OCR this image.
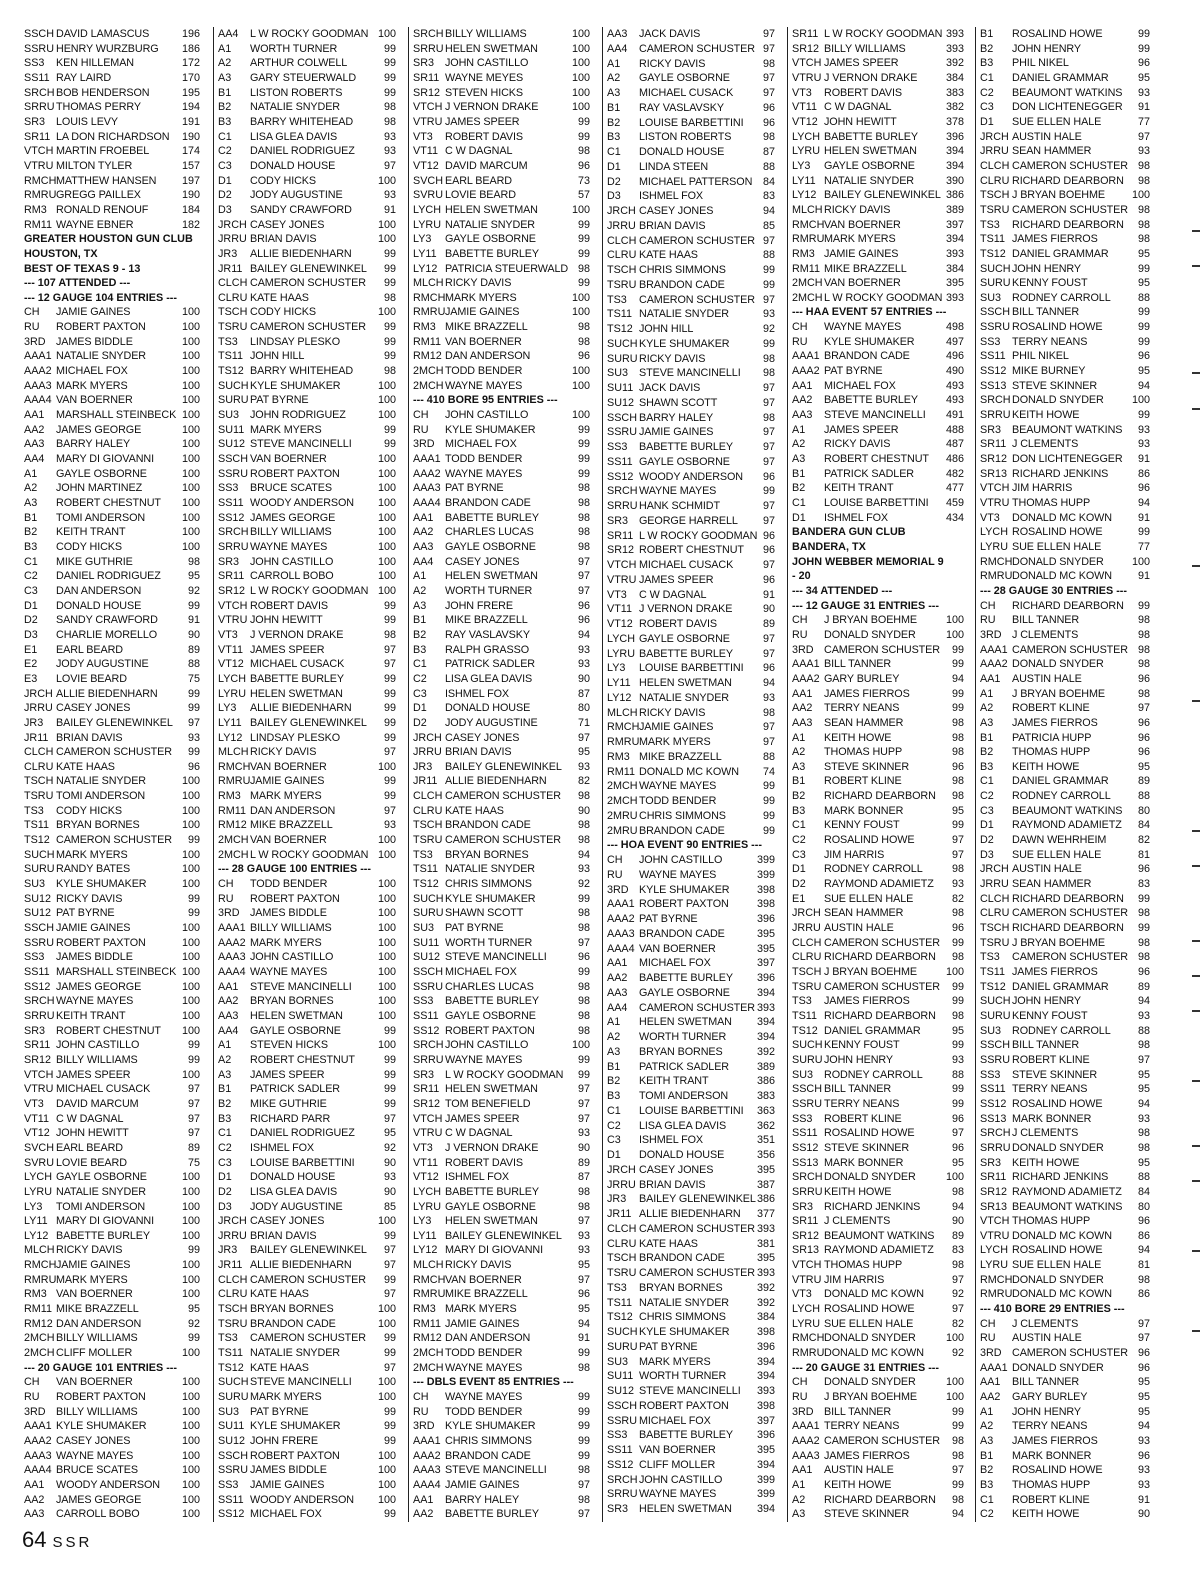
SSCH DAVID LAMASCUS	196
SSRU HENRY WURZBURG 186
SS3 KEN HILLEMAN	172
SS11 RAY LAIRD	170
SRCH BOB HENDERSON	195
SRRU THOMAS PERRY	194
SR3 LOUIS LEVY	191
SR11 LA DON RICHARDSON 190
VTCH MARTIN FROEBEL	174
VTRU MILTON TYLER	157
RMCH MATTHEW HANSEN 197
RMRU GREGG PAILLEX	190
RM3 RONALD RENOUF	184
RM11 WAYNE EBNER	182
GREATER HOUSTON GUN CLUB
HOUSTON, TX
BEST OF TEXAS 9 - 13
--- 107 ATTENDED ---
--- 12 GAUGE 104 ENTRIES ---
CH JAMIE GAINES	100
RU ROBERT PAXTON	100
3RD JAMES BIDDLE	100
AAA1 NATALIE SNYDER	100
AAA2 MICHAEL FOX	100
AAA3 MARK MYERS	100
AAA4 VAN BOERNER	100
AA1 MARSHALL STEINBECK 100
AA2 JAMES GEORGE	100
AA3 BARRY HALEY	100
AA4 MARY DI GIOVANNI	100
A1 GAYLE OSBORNE	100
A2 JOHN MARTINEZ	100
A3 ROBERT CHESTNUT 100
B1 TOMI ANDERSON	100
B2 KEITH TRANT	100
B3 CODY HICKS	100
C1 MIKE GUTHRIE	98
C2 DANIEL RODRIGUEZ	95
C3 DAN ANDERSON	92
D1 DONALD HOUSE	99
D2 SANDY CRAWFORD	91
D3 CHARLIE MORELLO	90
E1 EARL BEARD	89
E2 JODY AUGUSTINE	88
E3 LOVIE BEARD	75
JRCH ALLIE BIEDENHARN	99
JRRU CASEY JONES	99
JR3 BAILEY GLENEWINKEL 97
JR11 BRIAN DAVIS	93
CLCH CAMERON SCHUSTER 99
CLRU KATE HAAS	96
TSCH NATALIE SNYDER	100
TSRU TOMI ANDERSON	100
TS3 CODY HICKS	100
TS11 BRYAN BORNES	100
TS12 CAMERON SCHUSTER 99
SUCH MARK MYERS	100
SURU RANDY BATES	100
SU3 KYLE SHUMAKER	100
SU12 RICKY DAVIS	99
SU12 PAT BYRNE	99
SSCH JAMIE GAINES	100
SSRU ROBERT PAXTON	100
SS3 JAMES BIDDLE	100
SS11 MARSHALL STEINBECK 100
SS12 JAMES GEORGE	100
SRCH WAYNE MAYES	100
SRRU KEITH TRANT	100
SR3 ROBERT CHESTNUT 100
SR11 JOHN CASTILLO	99
SR12 BILLY WILLIAMS	99
VTCH JAMES SPEER	100
VTRU MICHAEL CUSACK	97
VT3 DAVID MARCUM	97
VT11 C W DAGNAL	97
VT12 JOHN HEWITT	97
SVCH EARL BEARD	89
SVRU LOVIE BEARD	75
LYCH GAYLE OSBORNE	100
LYRU NATALIE SNYDER	100
LY3 TOMI ANDERSON	100
LY11 MARY DI GIOVANNI	100
LY12 BABETTE BURLEY	100
MLCH RICKY DAVIS	99
RMCH JAMIE GAINES	100
RMRU MARK MYERS	100
RM3 VAN BOERNER	100
RM11 MIKE BRAZZELL	95
RM12 DAN ANDERSON	92
2MCH BILLY WILLIAMS	99
2MCH CLIFF MOLLER	100
--- 20 GAUGE 101 ENTRIES ---
CH VAN BOERNER	100
RU ROBERT PAXTON	100
3RD BILLY WILLIAMS	100
AAA1 KYLE SHUMAKER	100
AAA2 CASEY JONES	100
AAA3 WAYNE MAYES	100
AAA4 BRUCE SCATES	100
AA1 WOODY ANDERSON 100
AA2 JAMES GEORGE	100
AA3 CARROLL BOBO	100
AA4 L W ROCKY GOODMAN 100
A1 WORTH TURNER	99
A2 ARTHUR COLWELL	99
A3 GARY STEUERWALD	99
B1 LISTON ROBERTS	99
B2 NATALIE SNYDER	98
B3 BARRY WHITEHEAD	98
C1 LISA GLEA DAVIS	93
C2 DANIEL RODRIGUEZ	93
C3 DONALD HOUSE	97
D1 CODY HICKS	100
D2 JODY AUGUSTINE	93
D3 SANDY CRAWFORD	91
JRCH CASEY JONES	100
JRRU BRIAN DAVIS	100
JR3 ALLIE BIEDENHARN	99
JR11 BAILEY GLENEWINKEL 99
CLCH CAMERON SCHUSTER 99
CLRU KATE HAAS	98
TSCH CODY HICKS	100
TSRU CAMERON SCHUSTER 99
TS3 LINDSAY PLESKO	99
TS11 JOHN HILL	99
TS12 BARRY WHITEHEAD	98
SUCH KYLE SHUMAKER	100
SURU PAT BYRNE	100
SU3 JOHN RODRIGUEZ	100
SU11 MARK MYERS	99
SU12 STEVE MANCINELLI	99
SSCH VAN BOERNER	100
SSRU ROBERT PAXTON	100
SS3 BRUCE SCATES	100
SS11 WOODY ANDERSON 100
SS12 JAMES GEORGE	100
SRCH BILLY WILLIAMS	100
SRRU WAYNE MAYES	100
SR3 JOHN CASTILLO	100
SR11 CARROLL BOBO	100
SR12 L W ROCKY GOODMAN 100
VTCH ROBERT DAVIS	99
VTRU JOHN HEWITT	99
VT3 J VERNON DRAKE	98
VT11 JAMES SPEER	97
VT12 MICHAEL CUSACK	97
LYCH BABETTE BURLEY	99
LYRU HELEN SWETMAN	99
LY3 ALLIE BIEDENHARN	99
LY11 BAILEY GLENEWINKEL 99
LY12 LINDSAY PLESKO	99
MLCH RICKY DAVIS	97
RMCH VAN BOERNER	100
RMRU JAMIE GAINES	99
RM3 MARK MYERS	99
RM11 DAN ANDERSON	97
RM12 MIKE BRAZZELL	93
2MCH VAN BOERNER	100
2MCH L W ROCKY GOODMAN 100
--- 28 GAUGE 100 ENTRIES ---
CH TODD BENDER	100
RU ROBERT PAXTON	100
3RD JAMES BIDDLE	100
AAA1 BILLY WILLIAMS	100
AAA2 MARK MYERS	100
AAA3 JOHN CASTILLO	100
AAA4 WAYNE MAYES	100
AA1 STEVE MANCINELLI 100
AA2 BRYAN BORNES	100
AA3 HELEN SWETMAN	100
AA4 GAYLE OSBORNE	99
A1 STEVEN HICKS	100
A2 ROBERT CHESTNUT	99
A3 JAMES SPEER	99
B1 PATRICK SADLER	99
B2 MIKE GUTHRIE	99
B3 RICHARD PARR	97
C1 DANIEL RODRIGUEZ	95
C2 ISHMEL FOX	92
C3 LOUISE BARBETTINI	90
D1 DONALD HOUSE	93
D2 LISA GLEA DAVIS	90
D3 JODY AUGUSTINE	85
JRCH CASEY JONES	100
JRRU BRIAN DAVIS	99
JR3 BAILEY GLENEWINKEL 97
JR11 ALLIE BIEDENHARN	97
CLCH CAMERON SCHUSTER 99
CLRU KATE HAAS	97
TSCH BRYAN BORNES	100
TSRU BRANDON CADE	100
TS3 CAMERON SCHUSTER 99
TS11 NATALIE SNYDER	99
TS12 KATE HAAS	97
SUCH STEVE MANCINELLI 100
SURU MARK MYERS	100
SU3 PAT BYRNE	99
SU11 KYLE SHUMAKER	99
SU12 JOHN FRERE	99
SSCH ROBERT PAXTON	100
SSRU JAMES BIDDLE	100
SS3 JAMIE GAINES	100
SS11 WOODY ANDERSON 100
SS12 MICHAEL FOX	99
SRCH BILLY WILLIAMS	100
SRRU HELEN SWETMAN	100
SR3 JOHN CASTILLO	100
SR11 WAYNE MEYES	100
SR12 STEVEN HICKS	100
VTCH J VERNON DRAKE	100
VTRU JAMES SPEER	99
VT3 ROBERT DAVIS	99
VT11 C W DAGNAL	98
VT12 DAVID MARCUM	96
SVCH EARL BEARD	73
SVRU LOVIE BEARD	57
LYCH HELEN SWETMAN	100
LYRU NATALIE SNYDER	99
LY3 GAYLE OSBORNE	99
LY11 BABETTE BURLEY	99
LY12 PATRICIA STEUERWALD 98
MLCH RICKY DAVIS	99
RMCH MARK MYERS	100
RMRU JAMIE GAINES	100
RM3 MIKE BRAZZELL	98
RM11 VAN BOERNER	98
RM12 DAN ANDERSON	96
2MCH TODD BENDER	100
2MCH WAYNE MAYES	100
--- 410 BORE 95 ENTRIES ---
CH JOHN CASTILLO	100
RU KYLE SHUMAKER	99
3RD MICHAEL FOX	99
AAA1 TODD BENDER	99
AAA2 WAYNE MAYES	99
AAA3 PAT BYRNE	98
AAA4 BRANDON CADE	98
AA1 BABETTE BURLEY	98
AA2 CHARLES LUCAS	98
AA3 GAYLE OSBORNE	98
AA4 CASEY JONES	97
A1 HELEN SWETMAN	97
A2 WORTH TURNER	97
A3 JOHN FRERE	96
B1 MIKE BRAZZELL	96
B2 RAY VASLAVSKY	94
B3 RALPH GRASSO	93
C1 PATRICK SADLER	93
C2 LISA GLEA DAVIS	90
C3 ISHMEL FOX	87
D1 DONALD HOUSE	80
D2 JODY AUGUSTINE	71
JRCH CASEY JONES	97
JRRU BRIAN DAVIS	95
JR3 BAILEY GLENEWINKEL 93
JR11 ALLIE BIEDENHARN	82
CLCH CAMERON SCHUSTER 98
CLRU KATE HAAS	90
TSCH BRANDON CADE	98
TSRU CAMERON SCHUSTER 98
TS3 BRYAN BORNES	94
TS11 NATALIE SNYDER	93
TS12 CHRIS SIMMONS	92
SUCH KYLE SHUMAKER	99
SURU SHAWN SCOTT	98
SU3 PAT BYRNE	98
SU11 WORTH TURNER	97
SU12 STEVE MANCINELLI	96
SSCH MICHAEL FOX	99
SSRU CHARLES LUCAS	98
SS3 BABETTE BURLEY	98
SS11 GAYLE OSBORNE	98
SS12 ROBERT PAXTON	98
SRCH JOHN CASTILLO	100
SRRU WAYNE MAYES	99
SR3 L W ROCKY GOODMAN 99
SR11 HELEN SWETMAN	97
SR12 TOM BENEFIELD	97
VTCH JAMES SPEER	97
VTRU C W DAGNAL	93
VT3 J VERNON DRAKE	90
VT11 ROBERT DAVIS	89
VT12 ISHMEL FOX	87
LYCH BABETTE BURLEY	98
LYRU GAYLE OSBORNE	98
LY3 HELEN SWETMAN	97
LY11 BAILEY GLENEWINKEL 93
LY12 MARY DI GIOVANNI	93
MLCH RICKY DAVIS	95
RMCH VAN BOERNER	97
RMRU MIKE BRAZZELL	96
RM3 MARK MYERS	95
RM11 JAMIE GAINES	94
RM12 DAN ANDERSON	91
2MCH TODD BENDER	99
2MCH WAYNE MAYES	98
--- DBLS EVENT 85 ENTRIES ---
CH WAYNE MAYES	99
RU TODD BENDER	99
3RD KYLE SHUMAKER	99
AAA1 CHRIS SIMMONS	99
AAA2 BRANDON CADE	99
AAA3 STEVE MANCINELLI	98
AAA4 JAMIE GAINES	97
AA1 BARRY HALEY	98
AA2 BABETTE BURLEY	97
AA3 JACK DAVIS	97
AA4 CAMERON SCHUSTER 97
A1 RICKY DAVIS	98
A2 GAYLE OSBORNE	97
A3 MICHAEL CUSACK	97
B1 RAY VASLAVSKY	96
B2 LOUISE BARBETTINI 96
B3 LISTON ROBERTS	98
C1 DONALD HOUSE	87
D1 LINDA STEEN	88
D2 MICHAEL PATTERSON 84
D3 ISHMEL FOX	83
JRCH CASEY JONES	94
JRRU BRIAN DAVIS	85
CLCH CAMERON SCHUSTER 97
CLRU KATE HAAS	88
TSCH CHRIS SIMMONS	99
TSRU BRANDON CADE	99
TS3 CAMERON SCHUSTER 97
TS11 NATALIE SNYDER	93
TS12 JOHN HILL	92
SUCH KYLE SHUMAKER	99
SURU RICKY DAVIS	98
SU3 STEVE MANCINELLI 98
SU11 JACK DAVIS	97
SU12 SHAWN SCOTT	97
SSCH BARRY HALEY	98
SSRU JAMIE GAINES	97
SS3 BABETTE BURLEY	97
SS11 GAYLE OSBORNE	97
SS12 WOODY ANDERSON 96
SRCH WAYNE MAYES	99
SRRU HANK SCHMIDT	97
SR3 GEORGE HARRELL 97
SR11 L W ROCKY GOODMAN 96
SR12 ROBERT CHESTNUT 96
VTCH MICHAEL CUSACK	97
VTRU JAMES SPEER	96
VT3 C W DAGNAL	91
VT11 J VERNON DRAKE	90
VT12 ROBERT DAVIS	89
LYCH GAYLE OSBORNE	97
LYRU BABETTE BURLEY	97
LY3 LOUISE BARBETTINI 96
LY11 HELEN SWETMAN	94
LY12 NATALIE SNYDER	93
MLCH RICKY DAVIS	98
RMCH JAMIE GAINES	97
RMRU MARK MYERS	97
RM3 MIKE BRAZZELL	88
RM11 DONALD MC KOWN 74
2MCH WAYNE MAYES	99
2MCH TODD BENDER	99
2MRU CHRIS SIMMONS	99
2MRU BRANDON CADE	99
--- HOA EVENT 90 ENTRIES ---
CH JOHN CASTILLO	399
RU WAYNE MAYES	399
3RD KYLE SHUMAKER	398
AAA1 ROBERT PAXTON	398
AAA2 PAT BYRNE	396
AAA3 BRANDON CADE	395
AAA4 VAN BOERNER	395
AA1 MICHAEL FOX	397
AA2 BABETTE BURLEY 396
AA3 GAYLE OSBORNE	394
AA4 CAMERON SCHUSTER 393
A1 HELEN SWETMAN 394
A2 WORTH TURNER	394
A3 BRYAN BORNES	392
B1 PATRICK SADLER	389
B2 KEITH TRANT	386
B3 TOMI ANDERSON	383
C1 LOUISE BARBETTINI 363
C2 LISA GLEA DAVIS	362
C3 ISHMEL FOX	351
D1 DONALD HOUSE	356
JRCH CASEY JONES	395
JRRU BRIAN DAVIS	387
JR3 BAILEY GLENEWINKEL 386
JR11 ALLIE BIEDENHARN 377
CLCH CAMERON SCHUSTER 393
CLRU KATE HAAS	381
TSCH BRANDON CADE	395
TSRU CAMERON SCHUSTER 393
TS3 BRYAN BORNES	392
TS11 NATALIE SNYDER	392
TS12 CHRIS SIMMONS	384
SUCH KYLE SHUMAKER	398
SURU PAT BYRNE	396
SU3 MARK MYERS	394
SU11 WORTH TURNER	394
SU12 STEVE MANCINELLI 393
SSCH ROBERT PAXTON	398
SSRU MICHAEL FOX	397
SS3 BABETTE BURLEY 396
SS11 VAN BOERNER	395
SS12 CLIFF MOLLER	394
SRCH JOHN CASTILLO	399
SRRU WAYNE MAYES	399
SR3 HELEN SWETMAN 394
SR11 L W ROCKY GOODMAN 393
SR12 BILLY WILLIAMS	393
VTCH JAMES SPEER	392
VTRU J VERNON DRAKE	384
VT3 ROBERT DAVIS	383
VT11 C W DAGNAL	382
VT12 JOHN HEWITT	378
LYCH BABETTE BURLEY	396
LYRU HELEN SWETMAN	394
LY3 GAYLE OSBORNE	394
LY11 NATALIE SNYDER	390
LY12 BAILEY GLENEWINKEL 386
MLCH RICKY DAVIS	389
RMCH VAN BOERNER	397
RMRU MARK MYERS	394
RM3 JAMIE GAINES	393
RM11 MIKE BRAZZELL	384
2MCH VAN BOERNER	395
2MCH L W ROCKY GOODMAN 393
--- HAA EVENT 57 ENTRIES ---
CH WAYNE MAYES	498
RU KYLE SHUMAKER	497
AAA1 BRANDON CADE	496
AAA2 PAT BYRNE	490
AA1 MICHAEL FOX	493
AA2 BABETTE BURLEY	493
AA3 STEVE MANCINELLI 491
A1 JAMES SPEER	488
A2 RICKY DAVIS	487
A3 ROBERT CHESTNUT 486
B1 PATRICK SADLER	482
B2 KEITH TRANT	477
C1 LOUISE BARBETTINI 459
D1 ISHMEL FOX	434
BANDERA GUN CLUB
BANDERA, TX
JOHN WEBBER MEMORIAL 9
- 20
--- 34 ATTENDED ---
--- 12 GAUGE 31 ENTRIES ---
CH J BRYAN BOEHME	100
RU DONALD SNYDER	100
3RD CAMERON SCHUSTER 99
AAA1 BILL TANNER	99
AAA2 GARY BURLEY	94
AA1 JAMES FIERROS	99
AA2 TERRY NEANS	99
AA3 SEAN HAMMER	98
A1 KEITH HOWE	98
A2 THOMAS HUPP	98
A3 STEVE SKINNER	96
B1 ROBERT KLINE	98
B2 RICHARD DEARBORN 98
B3 MARK BONNER	95
C1 KENNY FOUST	99
C2 ROSALIND HOWE	97
C3 JIM HARRIS	97
D1 RODNEY CARROLL	98
D2 RAYMOND ADAMIETZ 93
E1 SUE ELLEN HALE	82
JRCH SEAN HAMMER	98
JRRU AUSTIN HALE	96
CLCH CAMERON SCHUSTER 99
CLRU RICHARD DEARBORN 98
TSCH J BRYAN BOEHME	100
TSRU CAMERON SCHUSTER 99
TS3 JAMES FIERROS	99
TS11 RICHARD DEARBORN 98
TS12 DANIEL GRAMMAR	95
SUCH KENNY FOUST	99
SURU JOHN HENRY	93
SU3 RODNEY CARROLL	88
SSCH BILL TANNER	99
SSRU TERRY NEANS	99
SS3 ROBERT KLINE	96
SS11 ROSALIND HOWE	97
SS12 STEVE SKINNER	96
SS13 MARK BONNER	95
SRCH DONALD SNYDER	100
SRRU KEITH HOWE	98
SR3 RICHARD JENKINS	94
SR11 J CLEMENTS	90
SR12 BEAUMONT WATKINS 89
SR13 RAYMOND ADAMIETZ 83
VTCH THOMAS HUPP	98
VTRU JIM HARRIS	97
VT3 DONALD MC KOWN	92
LYCH ROSALIND HOWE	97
LYRU SUE ELLEN HALE	82
RMCH DONALD SNYDER	100
RMRU DONALD MC KOWN	92
--- 20 GAUGE 31 ENTRIES ---
CH DONALD SNYDER	100
RU J BRYAN BOEHME	100
3RD BILL TANNER	99
AAA1 TERRY NEANS	99
AAA2 CAMERON SCHUSTER 98
AAA3 JAMES FIERROS	98
AA1 AUSTIN HALE	97
A1 KEITH HOWE	99
A2 RICHARD DEARBORN 98
A3 STEVE SKINNER	94
B1 ROSALIND HOWE	99
B2 JOHN HENRY	99
B3 PHIL NIKEL	96
C1 DANIEL GRAMMAR	95
C2 BEAUMONT WATKINS 93
C3 DON LICHTENEGGER 91
D1 SUE ELLEN HALE	77
JRCH AUSTIN HALE	97
JRRU SEAN HAMMER	93
CLCH CAMERON SCHUSTER 98
CLRU RICHARD DEARBORN 98
TSCH J BRYAN BOEHME 100
TSRU CAMERON SCHUSTER 98
TS3 RICHARD DEARBORN 98
TS11 JAMES FIERROS	98
TS12 DANIEL GRAMMAR	95
SUCH JOHN HENRY	99
SURU KENNY FOUST	95
SU3 RODNEY CARROLL	88
SSCH BILL TANNER	99
SSRU ROSALIND HOWE	99
SS3 TERRY NEANS	99
SS11 PHIL NIKEL	96
SS12 MIKE BURNEY	95
SS13 STEVE SKINNER	94
SRCH DONALD SNYDER	100
SRRU KEITH HOWE	99
SR3 BEAUMONT WATKINS 93
SR11 J CLEMENTS	93
SR12 DON LICHTENEGGER 91
SR13 RICHARD JENKINS	86
VTCH JIM HARRIS	96
VTRU THOMAS HUPP	94
VT3 DONALD MC KOWN 91
LYCH ROSALIND HOWE	99
LYRU SUE ELLEN HALE	77
RMCH DONALD SNYDER	100
RMRU DONALD MC KOWN 91
--- 28 GAUGE 30 ENTRIES ---
CH RICHARD DEARBORN 99
RU BILL TANNER	98
3RD J CLEMENTS	98
AAA1 CAMERON SCHUSTER 98
AAA2 DONALD SNYDER	98
AA1 AUSTIN HALE	96
A1 J BRYAN BOEHME	98
A2 ROBERT KLINE	97
A3 JAMES FIERROS	96
B1 PATRICIA HUPP	96
B2 THOMAS HUPP	96
B3 KEITH HOWE	95
C1 DANIEL GRAMMAR	89
C2 RODNEY CARROLL	88
C3 BEAUMONT WATKINS 80
D1 RAYMOND ADAMIETZ 84
D2 DAWN WEHRHEIM	82
D3 SUE ELLEN HALE	81
JRCH AUSTIN HALE	96
JRRU SEAN HAMMER	83
CLCH RICHARD DEARBORN 99
CLRU CAMERON SCHUSTER 98
TSCH RICHARD DEARBORN 99
TSRU J BRYAN BOEHME	98
TS3 CAMERON SCHUSTER 98
TS11 JAMES FIERROS	96
TS12 DANIEL GRAMMAR	89
SUCH JOHN HENRY	94
SURU KENNY FOUST	93
SU3 RODNEY CARROLL	88
SSCH BILL TANNER	98
SSRU ROBERT KLINE	97
SS3 STEVE SKINNER	95
SS11 TERRY NEANS	95
SS12 ROSALIND HOWE	94
SS13 MARK BONNER	93
SRCH J CLEMENTS	98
SRRU DONALD SNYDER	98
SR3 KEITH HOWE	95
SR11 RICHARD JENKINS	88
SR12 RAYMOND ADAMIETZ 84
SR13 BEAUMONT WATKINS 80
VTCH THOMAS HUPP	96
VTRU DONALD MC KOWN 86
LYCH ROSALIND HOWE	94
LYRU SUE ELLEN HALE	81
RMCH DONALD SNYDER	98
RMRU DONALD MC KOWN 86
--- 410 BORE 29 ENTRIES ---
CH J CLEMENTS	97
RU AUSTIN HALE	97
3RD CAMERON SCHUSTER 96
AAA1 DONALD SNYDER	96
AA1 BILL TANNER	95
AA2 GARY BURLEY	95
A1 JOHN HENRY	95
A2 TERRY NEANS	94
A3 JAMES FIERROS	93
B1 MARK BONNER	96
B2 ROSALIND HOWE	93
B3 THOMAS HUPP	93
C1 ROBERT KLINE	91
C2 KEITH HOWE	90
64 SSR
